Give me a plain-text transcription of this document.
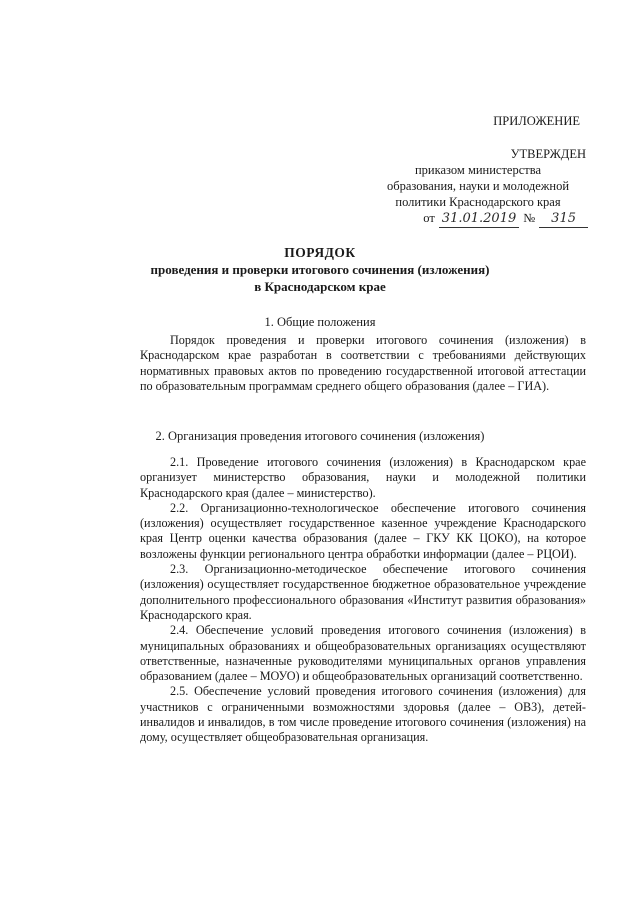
ПРИЛОЖЕНИЕ
УТВЕРЖДЕН
приказом министерства
образования, науки и молодежной
политики Краснодарского края
от 31.01.2019 №	315
ПОРЯДОК
проведения и проверки итогового сочинения (изложения)
в Краснодарском крае
1. Общие положения

Порядок проведения и проверки итогового сочинения (изложения) в Краснодарском крае разработан в соответствии с требованиями действующих нормативных правовых актов по проведению государственной итоговой аттестации по образовательным программам среднего общего образования (далее – ГИА).

2. Организация проведения итогового сочинения (изложения)

2.1. Проведение итогового сочинения (изложения) в Краснодарском крае организует министерство образования, науки и молодежной политики Краснодарского края (далее – министерство).

2.2. Организационно-технологическое обеспечение итогового сочинения (изложения) осуществляет государственное казенное учреждение Краснодарского края Центр оценки качества образования (далее – ГКУ КК ЦОКО), на которое возложены функции регионального центра обработки информации (далее – РЦОИ).

2.3. Организационно-методическое обеспечение итогового сочинения (изложения) осуществляет государственное бюджетное образовательное учреждение дополнительного профессионального образования «Институт развития образования» Краснодарского края.

2.4. Обеспечение условий проведения итогового сочинения (изложения) в муниципальных образованиях и общеобразовательных организациях осуществляют ответственные, назначенные руководителями муниципальных органов управления образованием (далее – МОУО) и общеобразовательных организаций соответственно.

2.5. Обеспечение условий проведения итогового сочинения (изложения) для участников с ограниченными возможностями здоровья (далее – ОВЗ), детей-инвалидов и инвалидов, в том числе проведение итогового сочинения (изложения) на дому, осуществляет общеобразовательная организация.
